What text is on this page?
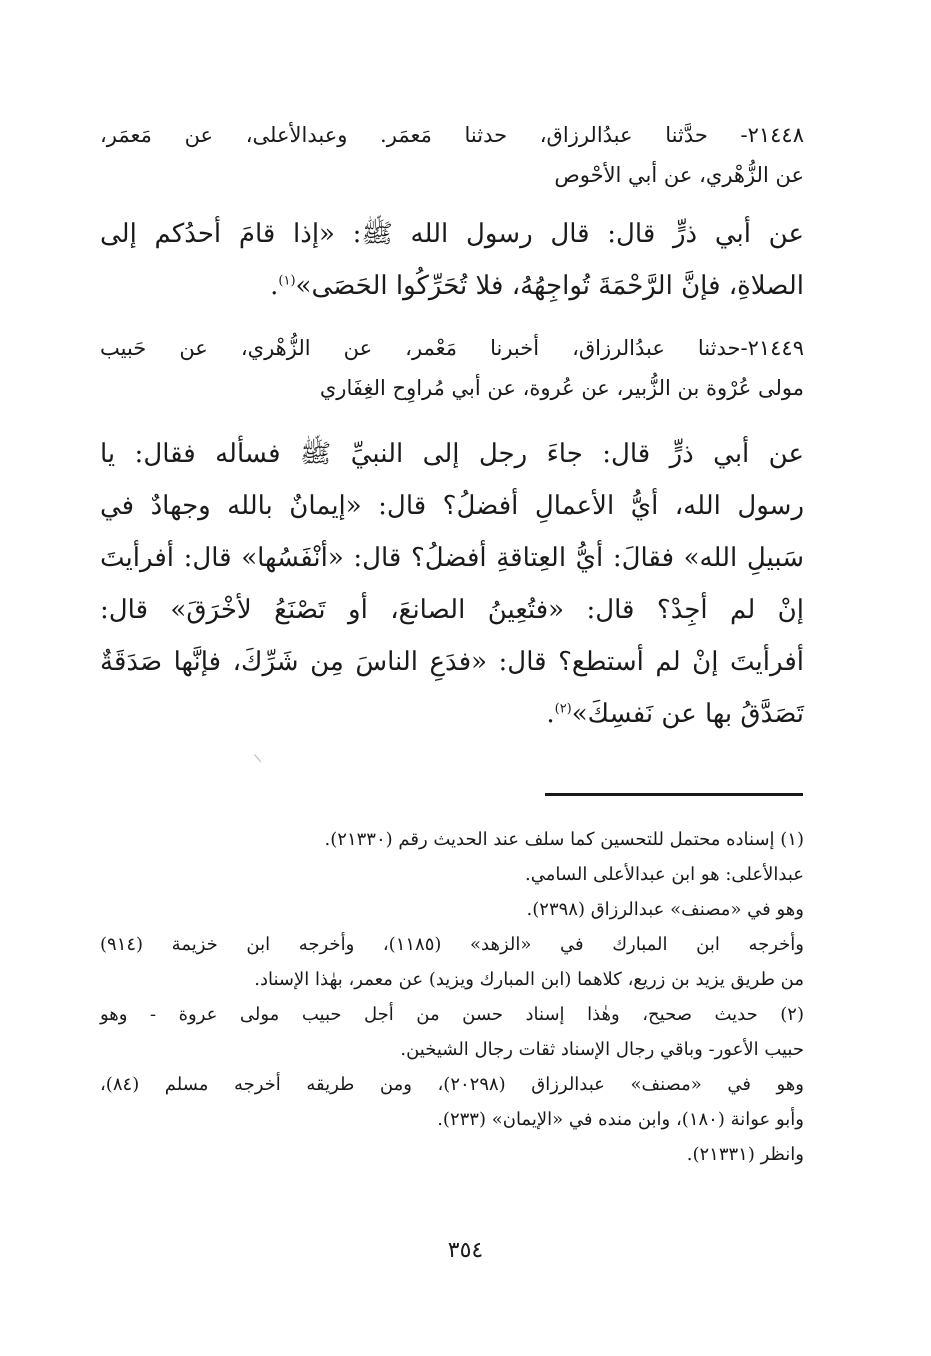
٢١٤٤٨- حدَّثنا عبدُالرزاق، حدثنا مَعمَر. وعبدالأعلى، عن مَعمَر،
عن الزُّهْري، عن أبي الأحْوص
عن أبي ذرٍّ قال: قال رسول الله ﷺ: «إذا قامَ أحدُكم إلى
الصلاةِ، فإنَّ الرَّحْمَةَ تُواجِهُهُ، فلا تُحَرِّكُوا الحَصَى»$^{(١)}$.
٢١٤٤٩-حدثنا عبدُالرزاق، أخبرنا مَعْمر، عن الزُّهْري، عن حَبيب
مولى عُرْوة بن الزُّبير، عن عُروة، عن أبي مُراوِح الغِفَاري
عن أبي ذرٍّ قال: جاءَ رجل إلى النبيِّ ﷺ فسأله فقال: يا
رسول الله، أيُّ الأعمالِ أفضلُ؟ قال: «إيمانٌ بالله وجهادٌ في
سَبيلِ الله» فقالَ: أيُّ العِتاقةِ أفضلُ؟ قال: «أنْفَسُها» قال: أفرأيتَ
إنْ لم أجِدْ؟ قال: «فتُعِينُ الصانعَ، أو تَصْنَعُ لأخْرَقَ» قال:
أفرأيتَ إنْ لم أستطع؟ قال: «فدَعِ الناسَ مِن شَرِّكَ، فإنَّها صَدَقَةٌ
تَصَدَّقُ بها عن نَفسِكَ»$^{(٢)}$.
(١) إسناده محتمل للتحسين كما سلف عند الحديث رقم (٢١٣٣٠).
عبدالأعلى: هو ابن عبدالأعلى السامي.
وهو في «مصنف» عبدالرزاق (٢٣٩٨).
وأخرجه ابن المبارك في «الزهد» (١١٨٥)، وأخرجه ابن خزيمة (٩١٤)
من طريق يزيد بن زريع، كلاهما (ابن المبارك ويزيد) عن معمر، بهٰذا الإسناد.
(٢) حديث صحيح، وهٰذا إسناد حسن من أجل حبيب مولى عروة - وهو
حبيب الأعور- وباقي رجال الإسناد ثقات رجال الشيخين.
وهو في «مصنف» عبدالرزاق (٢٠٢٩٨)، ومن طريقه أخرجه مسلم (٨٤)،
وأبو عوانة (١٨٠)، وابن منده في «الإيمان» (٢٣٣).
وانظر (٢١٣٣١).
٣٥٤
